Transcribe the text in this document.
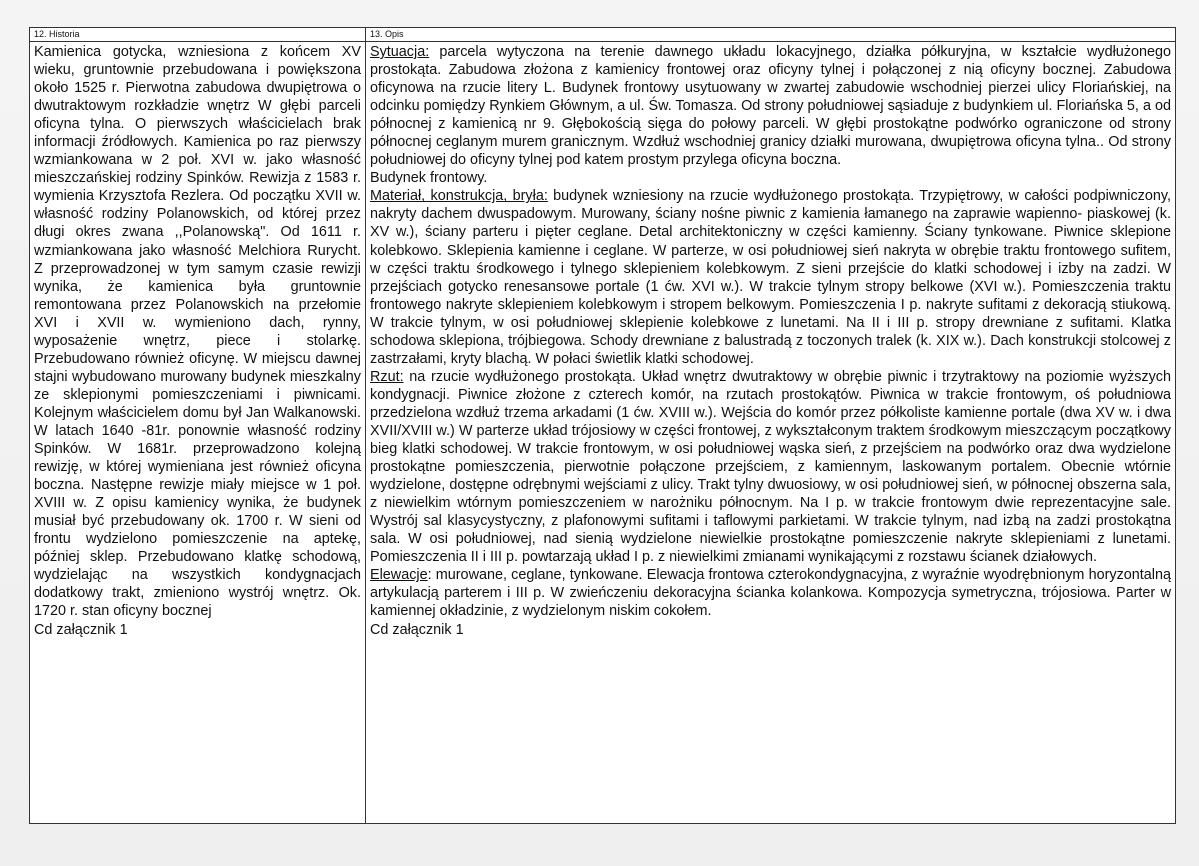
12. Historia

Kamienica gotycka, wzniesiona z końcem XV wieku, gruntownie przebudowana i powiększona około 1525 r. Pierwotna zabudowa dwupiętrowa o dwutraktowym rozkładzie wnętrz W głębi parceli oficyna tylna. O pierwszych właścicielach brak informacji źródłowych. Kamienica po raz pierwszy wzmiankowana w 2 poł. XVI w. jako własność mieszczańskiej rodziny Spinków. Rewizja z 1583 r. wymienia Krzysztofa Rezlera. Od początku XVII w. własność rodziny Polanowskich, od której przez długi okres zwana ,,Polanowską". Od 1611 r. wzmiankowana jako własność Melchiora Rurycht. Z przeprowadzonej w tym samym czasie rewizji wynika, że kamienica była gruntownie remontowana przez Polanowskich na przełomie XVI i XVII w. wymieniono dach, rynny, wyposażenie wnętrz, piece i stolarkę. Przebudowano również oficynę. W miejscu dawnej stajni wybudowano murowany budynek mieszkalny ze sklepionymi pomieszczeniami i piwnicami. Kolejnym właścicielem domu był Jan Walkanowski. W latach 1640 -81r. ponownie własność rodziny Spinków. W 1681r. przeprowadzono kolejną rewizję, w której wymieniana jest również oficyna boczna. Następne rewizje miały miejsce w 1 poł. XVIII w. Z opisu kamienicy wynika, że budynek musiał być przebudowany ok. 1700 r. W sieni od frontu wydzielono pomieszczenie na aptekę, później sklep. Przebudowano klatkę schodową, wydzielając na wszystkich kondygnacjach dodatkowy trakt, zmieniono wystrój wnętrz. Ok. 1720 r. stan oficyny bocznej

Cd załącznik 1

13. Opis

Sytuacja: parcela wytyczona na terenie dawnego układu lokacyjnego, działka półkuryjna, w kształcie wydłużonego prostokąta. Zabudowa złożona z kamienicy frontowej oraz oficyny tylnej i połączonej z nią oficyny bocznej. Zabudowa oficynowa na rzucie litery L. Budynek frontowy usytuowany w zwartej zabudowie wschodniej pierzei ulicy Floriańskiej, na odcinku pomiędzy Rynkiem Głównym, a ul. Św. Tomasza. Od strony południowej sąsiaduje z budynkiem ul. Floriańska 5, a od północnej z kamienicą nr 9. Głębokością sięga do połowy parceli. W głębi prostokątne podwórko ograniczone od strony północnej ceglanym murem granicznym. Wzdłuż wschodniej granicy działki murowana, dwupiętrowa oficyna tylna.. Od strony południowej do oficyny tylnej pod katem prostym przylega oficyna boczna.

Budynek frontowy.

Materiał, konstrukcja, bryła: budynek wzniesiony na rzucie wydłużonego prostokąta. Trzypiętrowy, w całości podpiwniczony, nakryty dachem dwuspadowym. Murowany, ściany nośne piwnic z kamienia łamanego na zaprawie wapienno- piaskowej (k. XV w.), ściany parteru i pięter ceglane. Detal architektoniczny w części kamienny. Ściany tynkowane. Piwnice sklepione kolebkowo. Sklepienia kamienne i ceglane. W parterze, w osi południowej sień nakryta w obrębie traktu frontowego sufitem, w części traktu środkowego i tylnego sklepieniem kolebkowym. Z sieni przejście do klatki schodowej i izby na zadzi. W przejściach gotycko renesansowe portale (1 ćw. XVI w.). W trakcie tylnym stropy belkowe (XVI w.). Pomieszczenia traktu frontowego nakryte sklepieniem kolebkowym i stropem belkowym. Pomieszczenia I p. nakryte sufitami z dekoracją stiukową. W trakcie tylnym, w osi południowej sklepienie kolebkowe z lunetami. Na II i III p. stropy drewniane z sufitami. Klatka schodowa sklepiona, trójbiegowa. Schody drewniane z balustradą z toczonych tralek (k. XIX w.). Dach konstrukcji stolcowej z zastrzałami, kryty blachą. W połaci świetlik klatki schodowej.

Rzut: na rzucie wydłużonego prostokąta. Układ wnętrz dwutraktowy w obrębie piwnic i trzytraktowy na poziomie wyższych kondygnacji. Piwnice złożone z czterech komór, na rzutach prostokątów. Piwnica w trakcie frontowym, oś południowa przedzielona wzdłuż trzema arkadami (1 ćw. XVIII w.). Wejścia do komór przez półkoliste kamienne portale (dwa XV w. i dwa XVII/XVIII w.) W parterze układ trójosiowy w części frontowej, z wykształconym traktem środkowym mieszczącym początkowy bieg klatki schodowej. W trakcie frontowym, w osi południowej wąska sień, z przejściem na podwórko oraz dwa wydzielone prostokątne pomieszczenia, pierwotnie połączone przejściem, z kamiennym, laskowanym portalem. Obecnie wtórnie wydzielone, dostępne odrębnymi wejściami z ulicy. Trakt tylny dwuosiowy, w osi południowej sień, w północnej obszerna sala, z niewielkim wtórnym pomieszczeniem w narożniku północnym. Na I p. w trakcie frontowym dwie reprezentacyjne sale. Wystrój sal klasycystyczny, z plafonowymi sufitami i taflowymi parkietami. W trakcie tylnym, nad izbą na zadzi prostokątna sala. W osi południowej, nad sienią wydzielone niewielkie prostokątne pomieszczenie nakryte sklepieniami z lunetami. Pomieszczenia II i III p. powtarzają układ I p. z niewielkimi zmianami wynikającymi z rozstawu ścianek działowych.

Elewacje: murowane, ceglane, tynkowane. Elewacja frontowa czterokondygnacyjna, z wyraźnie wyodrębnionym horyzontalną artykulacją parterem i III p. W zwieńczeniu dekoracyjna ścianka kolankowa. Kompozycja symetryczna, trójosiowa. Parter w kamiennej okładzinie, z wydzielonym niskim cokołem.

Cd załącznik 1
